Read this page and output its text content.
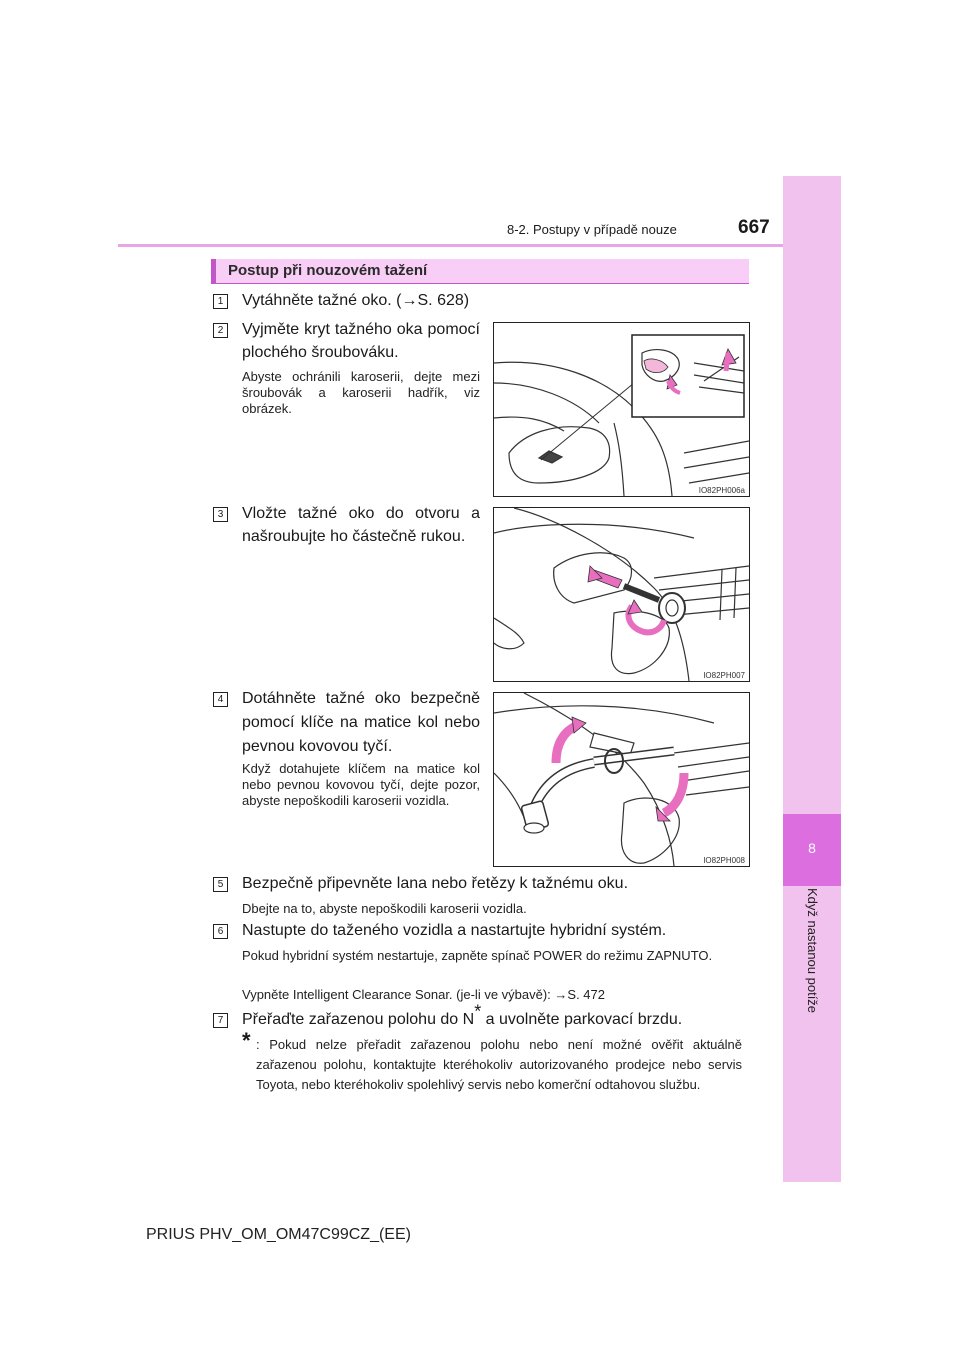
8
Když nastanou potíže
8-2. Postupy v případě nouze	667
Postup při nouzovém tažení
1 Vytáhněte tažné oko. (→S. 628)
2 Vyjměte kryt tažného oka pomocí plochého šroubováku.
Abyste ochránili karoserii, dejte mezi šroubovák a karoserii hadřík, viz obrázek.
IO82PH006a
3 Vložte tažné oko do otvoru a našroubujte ho částečně rukou.
IO82PH007
4 Dotáhněte tažné oko bezpečně pomocí klíče na matice kol nebo pevnou kovovou tyčí.
Když dotahujete klíčem na matice kol nebo pevnou kovovou tyčí, dejte pozor, abyste nepoškodili karoserii vozidla.
IO82PH008
5 Bezpečně připevněte lana nebo řetězy k tažnému oku.
Dbejte na to, abyste nepoškodili karoserii vozidla.
6 Nastupte do taženého vozidla a nastartujte hybridní systém.
Pokud hybridní systém nestartuje, zapněte spínač POWER do režimu ZAPNUTO.
Vypněte Intelligent Clearance Sonar. (je-li ve výbavě): →S. 472
7 Přeřaďte zařazenou polohu do N* a uvolněte parkovací brzdu.
* : Pokud nelze přeřadit zařazenou polohu nebo není možné ověřit aktuálně zařazenou polohu, kontaktujte kteréhokoliv autorizovaného prodejce nebo servis Toyota, nebo kteréhokoliv spolehlivý servis nebo komerční odtahovou službu.
PRIUS PHV_OM_OM47C99CZ_(EE)
